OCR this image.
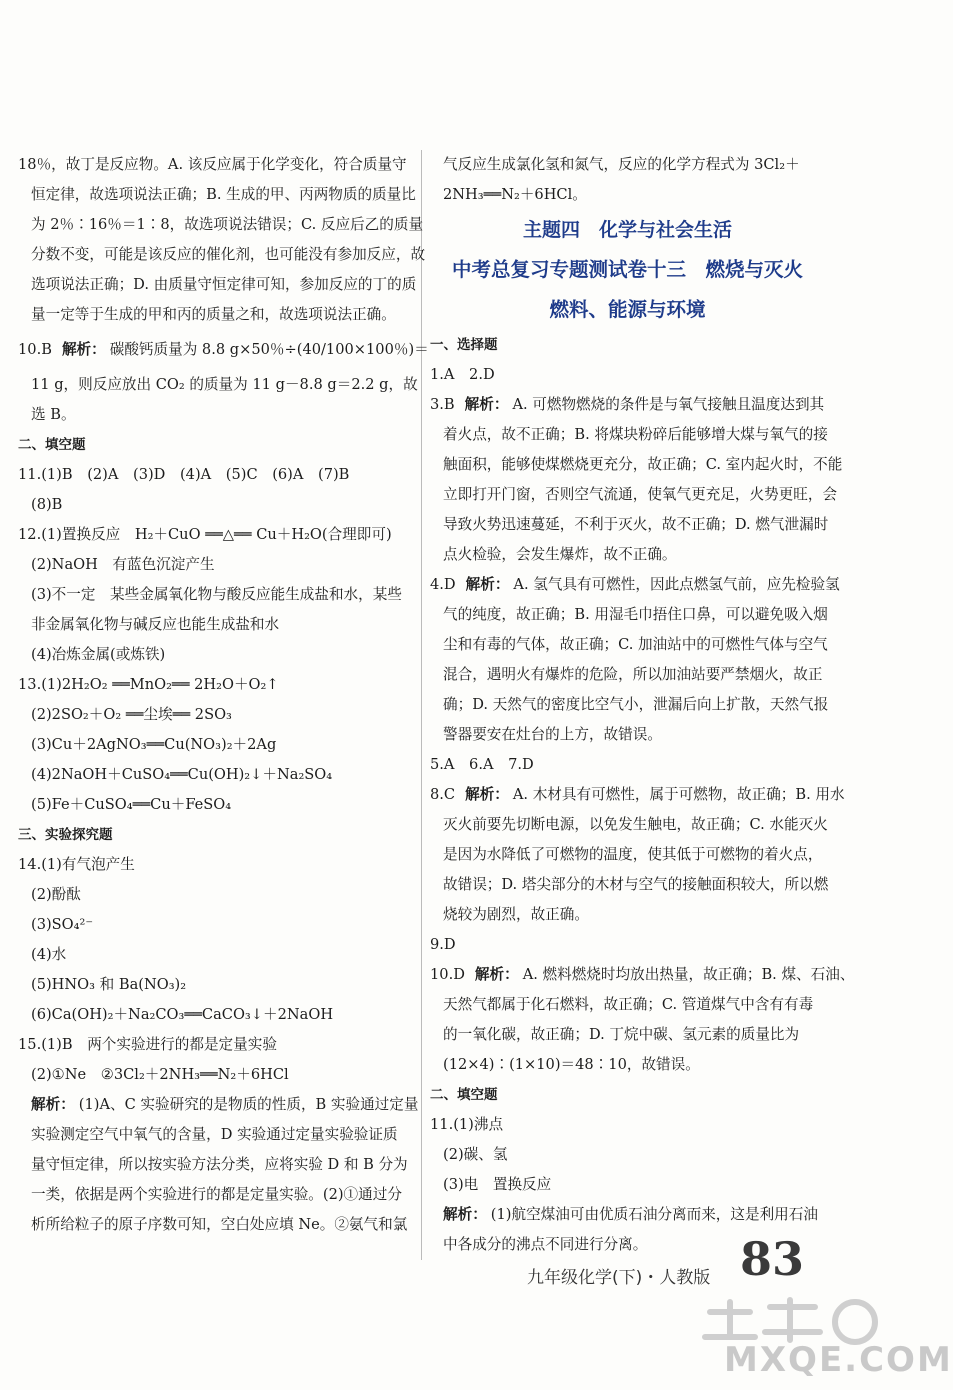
18％，故丁是反应物。A. 该反应属于化学变化，符合质量守
恒定律，故选项说法正确；B. 生成的甲、丙两物质的质量比
为 2％∶16％＝1∶8，故选项说法错误；C. 反应后乙的质量
分数不变，可能是该反应的催化剂，也可能没有参加反应，故
选项说法正确；D. 由质量守恒定律可知，参加反应的丁的质
量一定等于生成的甲和丙的质量之和，故选项说法正确。
10.B 解析： 碳酸钙质量为 8.8 g×50％÷(40/100×100％)＝
11 g，则反应放出 CO₂ 的质量为 11 g－8.8 g＝2.2 g，故
选 B。
二、填空题
11.(1)B　(2)A　(3)D　(4)A　(5)C　(6)A　(7)B
(8)B
12.(1)置换反应　H₂＋CuO ══△══ Cu＋H₂O(合理即可)
(2)NaOH　有蓝色沉淀产生
(3)不一定　某些金属氧化物与酸反应能生成盐和水，某些
非金属氧化物与碱反应也能生成盐和水
(4)冶炼金属(或炼铁)
13.(1)2H₂O₂ ══MnO₂══ 2H₂O＋O₂↑
(2)2SO₂＋O₂ ══尘埃══ 2SO₃
(3)Cu＋2AgNO₃══Cu(NO₃)₂＋2Ag
(4)2NaOH＋CuSO₄══Cu(OH)₂↓＋Na₂SO₄
(5)Fe＋CuSO₄══Cu＋FeSO₄
三、实验探究题
14.(1)有气泡产生
(2)酚酞
(3)SO₄²⁻
(4)水
(5)HNO₃ 和 Ba(NO₃)₂
(6)Ca(OH)₂＋Na₂CO₃══CaCO₃↓＋2NaOH
15.(1)B　两个实验进行的都是定量实验
(2)①Ne　②3Cl₂＋2NH₃══N₂＋6HCl
解析： (1)A、C 实验研究的是物质的性质，B 实验通过定量
实验测定空气中氧气的含量，D 实验通过定量实验验证质
量守恒定律，所以按实验方法分类，应将实验 D 和 B 分为
一类，依据是两个实验进行的都是定量实验。(2)①通过分
析所给粒子的原子序数可知，空白处应填 Ne。②氨气和氯
气反应生成氯化氢和氮气，反应的化学方程式为 3Cl₂＋
2NH₃══N₂＋6HCl。
主题四　化学与社会生活
中考总复习专题测试卷十三　燃烧与灭火
燃料、能源与环境
一、选择题
1.A　2.D
3.B 解析： A. 可燃物燃烧的条件是与氧气接触且温度达到其
着火点，故不正确；B. 将煤块粉碎后能够增大煤与氧气的接
触面积，能够使煤燃烧更充分，故正确；C. 室内起火时，不能
立即打开门窗，否则空气流通，使氧气更充足，火势更旺，会
导致火势迅速蔓延，不利于灭火，故不正确；D. 燃气泄漏时
点火检验，会发生爆炸，故不正确。
4.D 解析： A. 氢气具有可燃性，因此点燃氢气前，应先检验氢
气的纯度，故正确；B. 用湿毛巾捂住口鼻，可以避免吸入烟
尘和有毒的气体，故正确；C. 加油站中的可燃性气体与空气
混合，遇明火有爆炸的危险，所以加油站要严禁烟火，故正
确；D. 天然气的密度比空气小，泄漏后向上扩散，天然气报
警器要安在灶台的上方，故错误。
5.A　6.A　7.D
8.C 解析： A. 木材具有可燃性，属于可燃物，故正确；B. 用水
灭火前要先切断电源，以免发生触电，故正确；C. 水能灭火
是因为水降低了可燃物的温度，使其低于可燃物的着火点，
故错误；D. 塔尖部分的木材与空气的接触面积较大，所以燃
烧较为剧烈，故正确。
9.D
10.D 解析： A. 燃料燃烧时均放出热量，故正确；B. 煤、石油、
天然气都属于化石燃料，故正确；C. 管道煤气中含有有毒
的一氧化碳，故正确；D. 丁烷中碳、氢元素的质量比为
(12×4)∶(1×10)＝48∶10，故错误。
二、填空题
11.(1)沸点
(2)碳、氢
(3)电　置换反应
解析： (1)航空煤油可由优质石油分离而来，这是利用石油
中各成分的沸点不同进行分离。
九年级化学(下)・人教版 83
MXQE.COM
